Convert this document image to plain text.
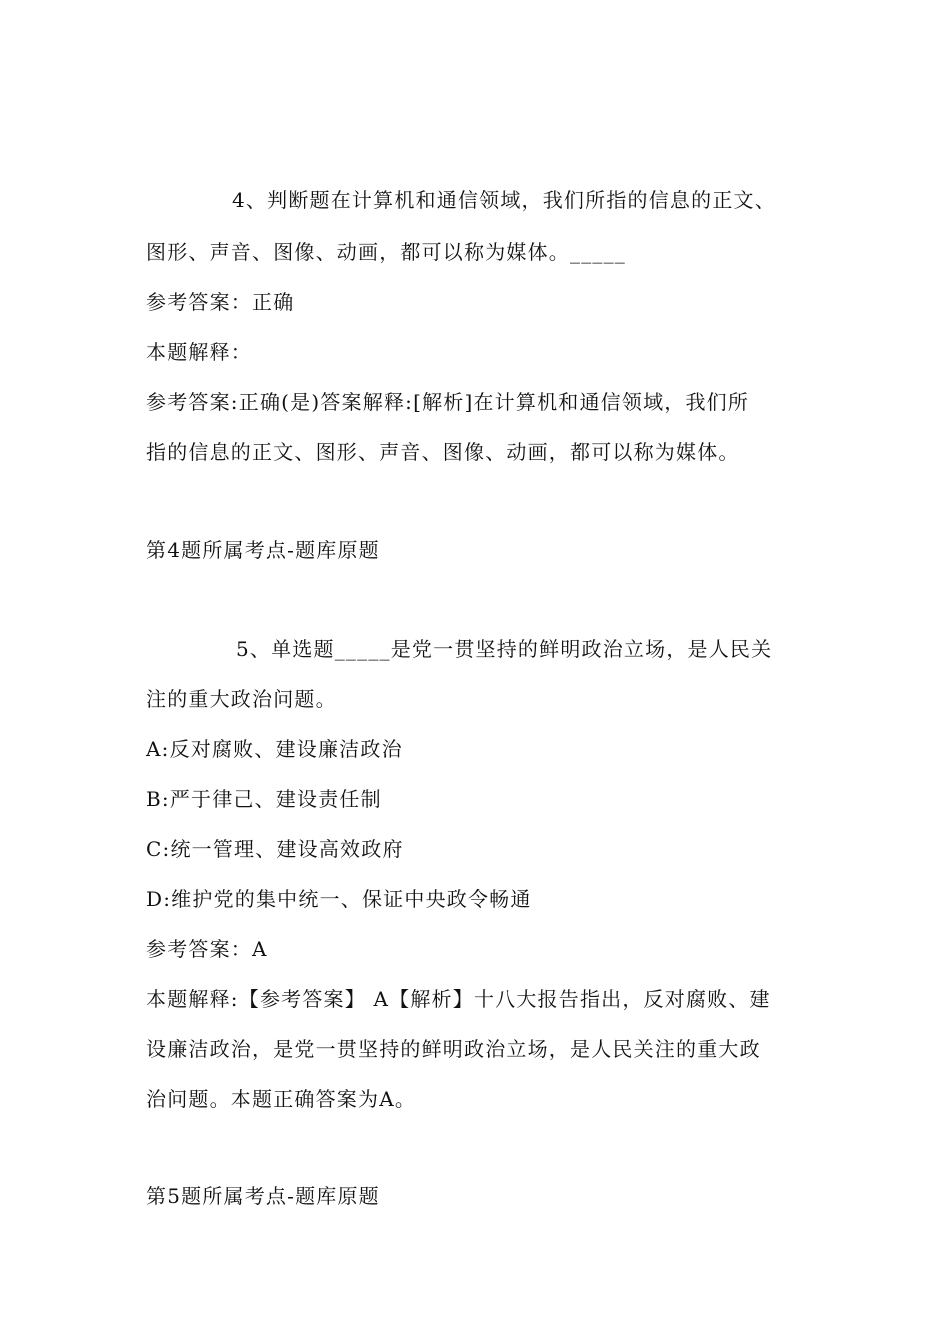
4、判断题在计算机和通信领域，我们所指的信息的正文、
图形、声音、图像、动画，都可以称为媒体。_____
参考答案：正确
本题解释：
参考答案:正确(是)答案解释:[解析]在计算机和通信领域，我们所
指的信息的正文、图形、声音、图像、动画，都可以称为媒体。
第4题所属考点-题库原题
5、单选题_____是党一贯坚持的鲜明政治立场，是人民关
注的重大政治问题。
A:反对腐败、建设廉洁政治
B:严于律己、建设责任制
C:统一管理、建设高效政府
D:维护党的集中统一、保证中央政令畅通
参考答案：A
本题解释:【参考答案】 A【解析】十八大报告指出，反对腐败、建
设廉洁政治，是党一贯坚持的鲜明政治立场，是人民关注的重大政
治问题。本题正确答案为A。
第5题所属考点-题库原题
